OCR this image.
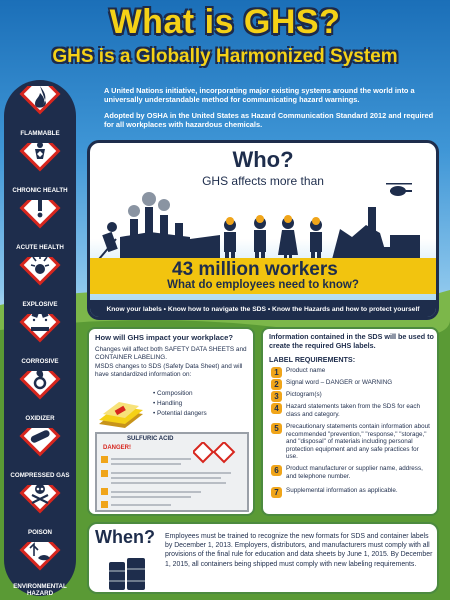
What is GHS?
GHS is a Globally Harmonized System
A United Nations initiative, incorporating major existing systems around the world into a universally understandable method for communicating hazard warnings.
Adopted by OSHA in the United States as Hazard Communication Standard 2012 and required for all workplaces with hazardous chemicals.
FLAMMABLE
CHRONIC HEALTH
ACUTE HEALTH
EXPLOSIVE
CORROSIVE
OXIDIZER
COMPRESSED GAS
POISON
ENVIRONMENTAL HAZARD
Who?
GHS affects more than
43 million workers
What do employees need to know?
Know your labels • Know how to navigate the SDS • Know the Hazards and how to protect yourself
How will GHS impact your workplace?
Changes will affect both SAFETY DATA SHEETS and CONTAINER LABELING.
MSDS changes to SDS (Safety Data Sheet) and will have standardized information on:
• Composition
• Handling
• Potential dangers
SULFURIC ACID
DANGER!
Information contained in the SDS will be used to create the required GHS labels.
LABEL REQUIREMENTS:
1	Product name
2	Signal word – DANGER or WARNING
3	Pictogram(s)
4	Hazard statements taken from the SDS for each class and category.
5	Precautionary statements contain information about recommended "prevention," "response," "storage," and "disposal" of materials including personal protection equipment and any safe practices for use.
6	Product manufacturer or supplier name, address, and telephone number.
7	Supplemental information as applicable.
When? Employees must be trained to recognize the new formats for SDS and container labels by December 1, 2013. Employers, distributors, and manufacturers must comply with all provisions of the final rule for education and data sheets by June 1, 2015. By December 1, 2015, all containers being shipped must comply with new labeling requirements.
